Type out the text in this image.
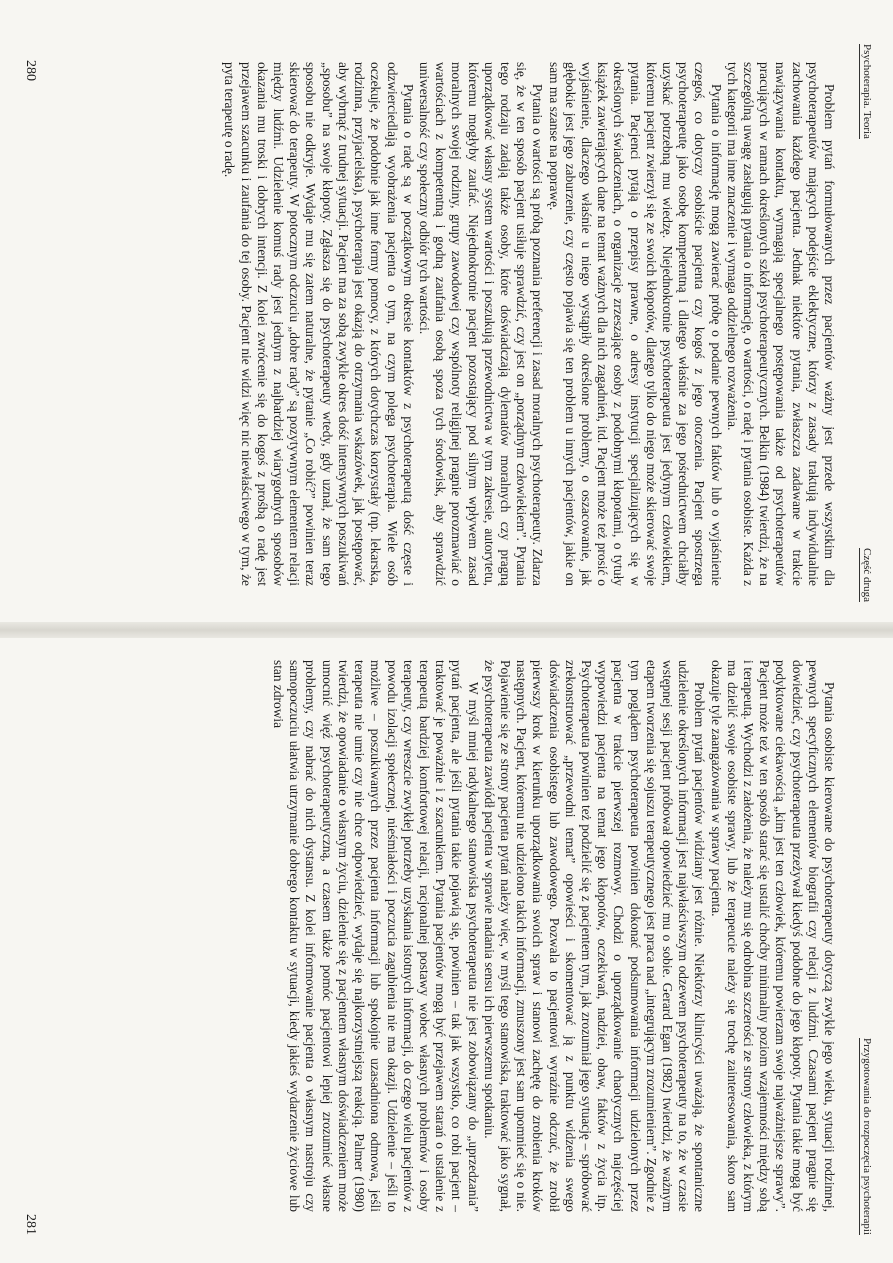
Psychoterapia. Teoria
Część druga

Problem pytań formułowanych przez pacjentów ważny jest przede wszystkim dla psychoterapeutów mających podejście eklektyczne, którzy z zasady traktują indywidualnie zachowania każdego pacjenta. Jednak niektóre pytania, zwłaszcza zadawane w trakcie nawiązywania kontaktu, wymagają specjalnego postępowania także od psychoterapeutów pracujących w ramach określonych szkół psychoterapeutycznych. Belkin (1984) twierdzi, że na szczególną uwagę zasługują pytania o informację, o wartości, o radę i pytania osobiste. Każda z tych kategorii ma inne znaczenie i wymaga oddzielnego rozważenia.

Pytania o informację mogą zawierać próbę o podanie pewnych faktów lub o wyjaśnienie czegoś, co dotyczy osobiście pacjenta czy kogoś z jego otoczenia. Pacjent spostrzega psychoterapeutę jako osobę kompetentną i dlatego właśnie za jego pośrednictwem chciałby uzyskać potrzebną mu wiedzę. Niejednokrotnie psychoterapeuta jest jedynym człowiekiem, któremu pacjent zwierzył się ze swoich kłopotów, dlatego tylko do niego może skierować swoje pytania. Pacjenci pytają o przepisy prawne, o adresy instytucji specjalizujących się w określonych świadczeniach, o organizacje zrzeszające osoby z podobnymi kłopotami, o tytuły książek zawierających dane na temat ważnych dla nich zagadnień, itd. Pacjent może też prosić o wyjaśnienie, dlaczego właśnie u niego wystąpiły określone problemy, o oszacowanie, jak głębokie jest jego zaburzenie, czy często pojawia się ten problem u innych pacjentów, jakie on sam ma szanse na poprawę.

Pytania o wartości są próbą poznania preferencji i zasad moralnych psychoterapeuty. Zdarza się, że w ten sposób pacjent usiłuje sprawdzić, czy jest on „porządnym człowiekiem”. Pytania tego rodzaju zadają także osoby, które doświadczają dylematów moralnych czy pragną uporządkować własny system wartości i poszukują przewodnictwa w tym zakresie, autorytetu, któremu mogłyby zaufać. Niejednokrotnie pacjent pozostający pod silnym wpływem zasad moralnych swojej rodziny, grupy zawodowej czy wspólnoty religijnej pragnie porozmawiać o wartościach z kompetentną i godną zaufania osobą spoza tych środowisk, aby sprawdzić uniwersalność czy społeczny odbiór tych wartości.

Pytania o radę są w początkowym okresie kontaktów z psychoterapeutą dość częste i odzwierciedlają wyobrażenia pacjenta o tym, na czym polega psychoterapia. Wiele osób oczekuje, że podobnie jak inne formy pomocy, z których dotychczas korzystały (np. lekarska, rodzinna, przyjacielska), psychoterapia jest okazją do otrzymania wskazówek, jak postępować, aby wybrnąć z trudnej sytuacji. Pacjent ma za sobą zwykle okres dość intensywnych poszukiwań „sposobu” na swoje kłopoty. Zgłasza się do psychoterapeuty wtedy, gdy uznał, że sam tego sposobu nie odkryje. Wydaje mu się zatem naturalne, że pytanie „Co robić?” powinien teraz skierować do terapeuty. W potocznym odczuciu „dobre rady” są pozytywnym elementem relacji między ludźmi. Udzielenie komuś rady jest jednym z najbardziej wiarygodnych sposobów okazania mu troski i dobrych intencji. Z kolei zwrócenie się do kogoś z prośbą o radę jest przejawem szacunku i zaufania do tej osoby. Pacjent nie widzi więc nic niewłaściwego w tym, że pyta terapeutę o radę.

280
Przygotowania do rozpoczęcia psychoterapii

Pytania osobiste kierowane do psychoterapeuty dotyczą zwykle jego wieku, sytuacji rodzinnej, pewnych specyficznych elementów biografii czy relacji z ludźmi. Czasami pacjent pragnie się dowiedzieć, czy psychoterapeuta przeżywał kiedyś podobne do jego kłopoty. Pytania takie mogą być podyktowane ciekawością „kim jest ten człowiek, któremu powierzam swoje najważniejsze sprawy”. Pacjent może też w ten sposób starać się ustalić choćby minimalny poziom wzajemności między sobą i terapeutą. Wychodzi z założenia, że należy mu się odrobina szczerości ze strony człowieka, z którym ma dzielić swoje osobiste sprawy, lub że terapeucie należy się trochę zainteresowania, skoro sam okazuje tyle zaangażowania w sprawy pacjenta.

Problem pytań pacjentów widziany jest różnie. Niektórzy klinicyści uważają, że spontaniczne udzielenie określonych informacji jest najwłaściwszym odzewem psychoterapeuty na to, że w czasie wstępnej sesji pacjent próbował opowiedzieć mu o sobie. Gerard Egan (1982) twierdzi, że ważnym etapem tworzenia się sojuszu terapeutycznego jest praca nad „integrującym zrozumieniem”. Zgodnie z tym poglądem psychoterapeuta powinien dokonać podsumowania informacji udzielonych przez pacjenta w trakcie pierwszej rozmowy. Chodzi o uporządkowanie chaotycznych najczęściej wypowiedzi pacjenta na temat jego kłopotów, oczekiwań, nadziei, obaw, faktów z życia itp. Psychoterapeuta powinien też podzielić się z pacjentem tym, jak zrozumiał jego sytuację – spróbować zrekonstruować „przewodni temat” opowieści i skomentować ją z punktu widzenia swego doświadczenia osobistego lub zawodowego. Pozwala to pacjentowi wyraźnie odczuć, że zrobił pierwszy krok w kierunku uporządkowania swoich spraw i stanowi zachętę do zrobienia kroków następnych. Pacjent, któremu nie udzielono takich informacji, zmuszony jest sam upomnieć się o nie. Pojawienie się ze strony pacjenta pytań należy więc, w myśl tego stanowiska, traktować jako sygnał, że psychoterapeuta zawiódł pacjenta w sprawie nadania sensu ich pierwszemu spotkaniu.

W myśl mniej radykalnego stanowiska psychoterapeuta nie jest zobowiązany do „uprzedzania” pytań pacjenta, ale jeśli pytania takie pojawią się, powinien – tak jak wszystko, co robi pacjent – traktować je poważnie i z szacunkiem. Pytania pacjentów mogą być przejawem starań o ustalenie z terapeutą bardziej komfortowej relacji, racjonalnej postawy wobec własnych problemów i osoby terapeuty, czy wreszcie zwykłej potrzeby uzyskania istotnych informacji, do czego wielu pacjentów z powodu izolacji społecznej, nieśmiałości i poczucia zagubienia nie ma okazji. Udzielenie – jeśli to możliwe – poszukiwanych przez pacjenta informacji lub spokojnie uzasadniona odmowa, jeśli terapeuta nie umie czy nie chce odpowiedzieć, wydaje się najkorzystniejszą reakcją. Palmer (1980) twierdzi, że opowiadanie o własnym życiu, dzielenie się z pacjentem własnym doświadczeniem może umocnić więź psychoterapeutyczną, a czasem także pomóc pacjentowi lepiej zrozumieć własne problemy, czy nabrać do nich dystansu. Z kolei informowanie pacjenta o własnym nastroju czy samopoczuciu ułatwia utrzymanie dobrego kontaktu w sytuacji, kiedy jakieś wydarzenie życiowe lub stan zdrowia

281
